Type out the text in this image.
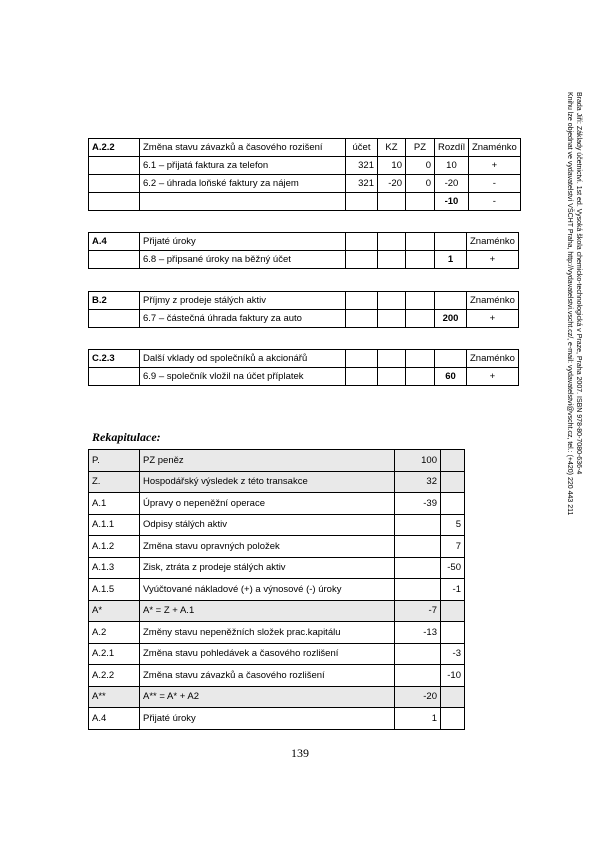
A.2.2	Změna stavu závazků a časového rozišení	účet	KZ	PZ	Rozdíl	Znaménko
	6.1 – přijatá faktura za telefon	321	10	0	10	+
	6.2 – úhrada loňské faktury za nájem	321	-20	0	-20	-
					-10	-
A.4	Přijaté úroky					Znaménko
	6.8 – připsané úroky na běžný účet				1	+
B.2	Příjmy z prodeje stálých aktiv					Znaménko
	6.7 – částečná úhrada faktury za auto				200	+
C.2.3	Další vklady od společníků a akcionářů					Znaménko
	6.9 – společník vložil na účet příplatek				60	+
Rekapitulace:
P.	PZ peněz	100	
Z.	Hospodářský výsledek z této transakce	32	
A.1	Úpravy o nepeněžní operace	-39	
A.1.1	Odpisy stálých aktiv		5
A.1.2	Změna stavu opravných položek		7
A.1.3	Zisk, ztráta z prodeje stálých aktiv		-50
A.1.5	Vyúčtované nákladové (+) a výnosové (-) úroky		-1
A*	A* = Z + A.1	-7	
A.2	Změny stavu nepeněžních složek prac.kapitálu	-13	
A.2.1	Změna stavu pohledávek a časového rozlišení		-3
A.2.2	Změna stavu závazků a časového rozlišení		-10
A**	A** = A* + A2	-20	
A.4	Přijaté úroky	1	
139
Brada Jiří: Základy účetnictví. 1st ed. Vysoká škola chemicko-technologická v Praze, Praha 2007. ISBN 978-80-7080-636-4
Knihu lze objednat ve vydavatelství VŠCHT Praha, http://vydavatelstvi.vscht.cz/, e-mail: vydavatelstvi@vscht.cz, tel.: (+420) 220 443 211
